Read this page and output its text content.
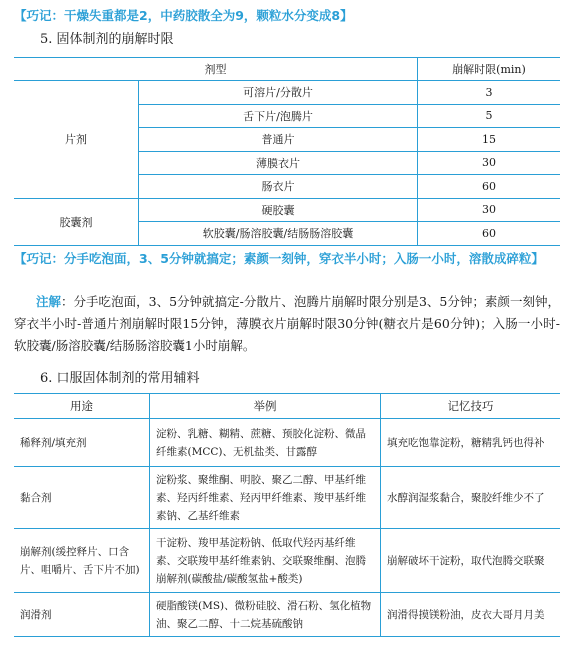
【巧记：干燥失重都是2，中药胶散全为9，颗粒水分变成8】
5. 固体制剂的崩解时限
剂型		崩解时限(min)
片剂	可溶片/分散片	3
	舌下片/泡腾片	5
	普通片	15
	薄膜衣片	30
	肠衣片	60
胶囊剂	硬胶囊	30
	软胶囊/肠溶胶囊/结肠肠溶胶囊	60
【巧记：分手吃泡面，3、5分钟就搞定；素颜一刻钟，穿衣半小时；入肠一小时，溶散成碎粒】
注解：分手吃泡面，3、5分钟就搞定-分散片、泡腾片崩解时限分别是3、5分钟；素颜一刻钟，穿衣半小时-普通片剂崩解时限15分钟，薄膜衣片崩解时限30分钟(糖衣片是60分钟)；入肠一小时-软胶囊/肠溶胶囊/结肠肠溶胶囊1小时崩解。
6. 口服固体制剂的常用辅料
用途	举例	记忆技巧
稀释剂/填充剂	淀粉、乳糖、糊精、蔗糖、预胶化淀粉、微晶纤维素(MCC)、无机盐类、甘露醇	填充吃饱靠淀粉，糖精乳钙也得补
黏合剂	淀粉浆、聚维酮、明胶、聚乙二醇、甲基纤维素、羟丙纤维素、羟丙甲纤维素、羧甲基纤维素钠、乙基纤维素	水醇润湿浆黏合，聚胶纤维少不了
崩解剂(缓控释片、口含片、咀嚼片、舌下片不加)	干淀粉、羧甲基淀粉钠、低取代羟丙基纤维素、交联羧甲基纤维素钠、交联聚维酮、泡腾崩解剂(碳酸盐/碳酸氢盐+酸类)	崩解破坏干淀粉，取代泡腾交联聚
润滑剂	硬脂酸镁(MS)、微粉硅胶、滑石粉、氢化植物油、聚乙二醇、十二烷基硫酸钠	润滑得摸镁粉油，皮衣大哥月月美
